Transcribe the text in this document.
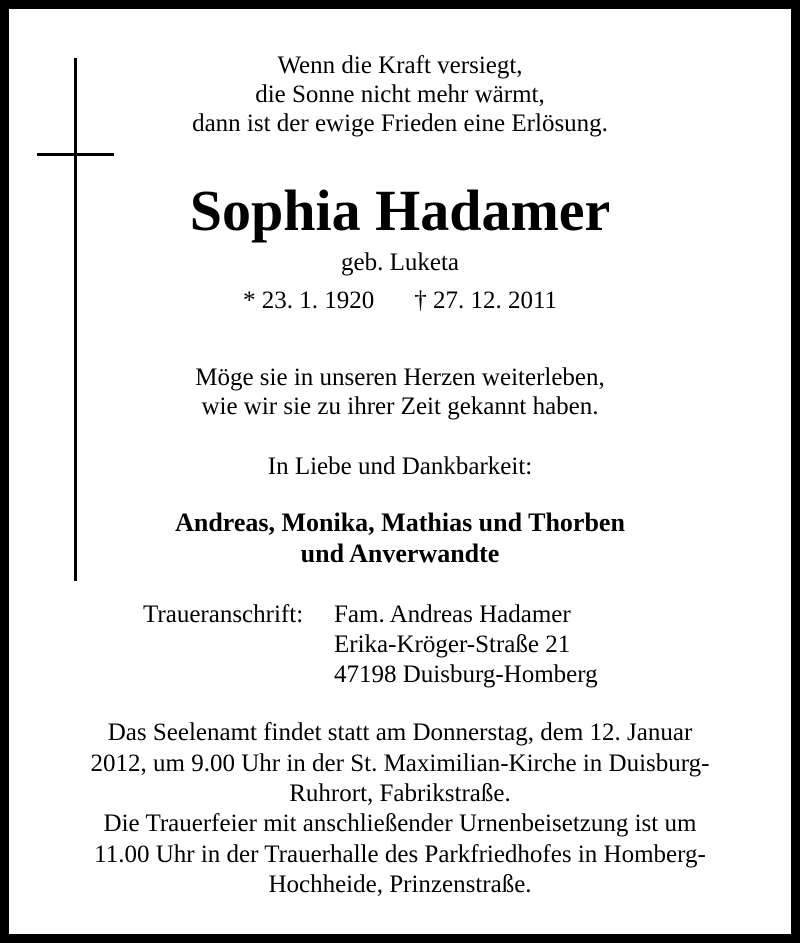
Wenn die Kraft versiegt,
die Sonne nicht mehr wärmt,
dann ist der ewige Frieden eine Erlösung.
Sophia Hadamer
geb. Luketa
* 23. 1. 1920 † 27. 12. 2011
Möge sie in unseren Herzen weiterleben,
wie wir sie zu ihrer Zeit gekannt haben.
In Liebe und Dankbarkeit:
Andreas, Monika, Mathias und Thorben
und Anverwandte
Traueranschrift:	Fam. Andreas Hadamer
Erika-Kröger-Straße 21
47198 Duisburg-Homberg
Das Seelenamt findet statt am Donnerstag, dem 12. Januar
2012, um 9.00 Uhr in der St. Maximilian-Kirche in Duisburg-
Ruhrort, Fabrikstraße.
Die Trauerfeier mit anschließender Urnenbeisetzung ist um
11.00 Uhr in der Trauerhalle des Parkfriedhofes in Homberg-
Hochheide, Prinzenstraße.
